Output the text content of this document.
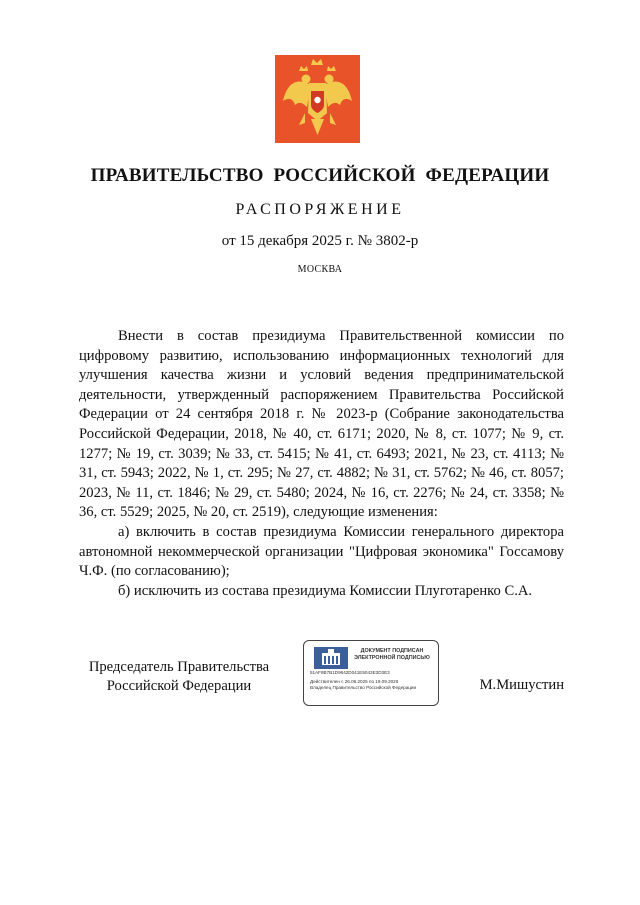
ПРАВИТЕЛЬСТВО РОССИЙСКОЙ ФЕДЕРАЦИИ
РАСПОРЯЖЕНИЕ
от 15 декабря 2025 г. № 3802-р
МОСКВА

Внести в состав президиума Правительственной комиссии по цифровому развитию, использованию информационных технологий для улучшения качества жизни и условий ведения предпринимательской деятельности, утвержденный распоряжением Правительства Российской Федерации от 24 сентября 2018 г. № 2023-р (Собрание законодательства Российской Федерации, 2018, № 40, ст. 6171; 2020, № 8, ст. 1077; № 9, ст. 1277; № 19, ст. 3039; № 33, ст. 5415; № 41, ст. 6493; 2021, № 23, ст. 4113; № 31, ст. 5943; 2022, № 1, ст. 295; № 27, ст. 4882; № 31, ст. 5762; № 46, ст. 8057; 2023, № 11, ст. 1846; № 29, ст. 5480; 2024, № 16, ст. 2276; № 24, ст. 3358; № 36, ст. 5529; 2025, № 20, ст. 2519), следующие изменения:

а) включить в состав президиума Комиссии генерального директора автономной некоммерческой организации "Цифровая экономика" Госсамову Ч.Ф. (по согласованию);

б) исключить из состава президиума Комиссии Плуготаренко С.А.

Председатель Правительства
Российской Федерации
ДОКУМЕНТ ПОДПИСАН
ЭЛЕКТРОННОЙ ПОДПИСЬЮ
51AF8B7B1D9642D041E5043E3D3E3
Действителен с 26.06.2025 по 19.09.2026
Владелец Правительство Российской Федерации	М.Мишустин
